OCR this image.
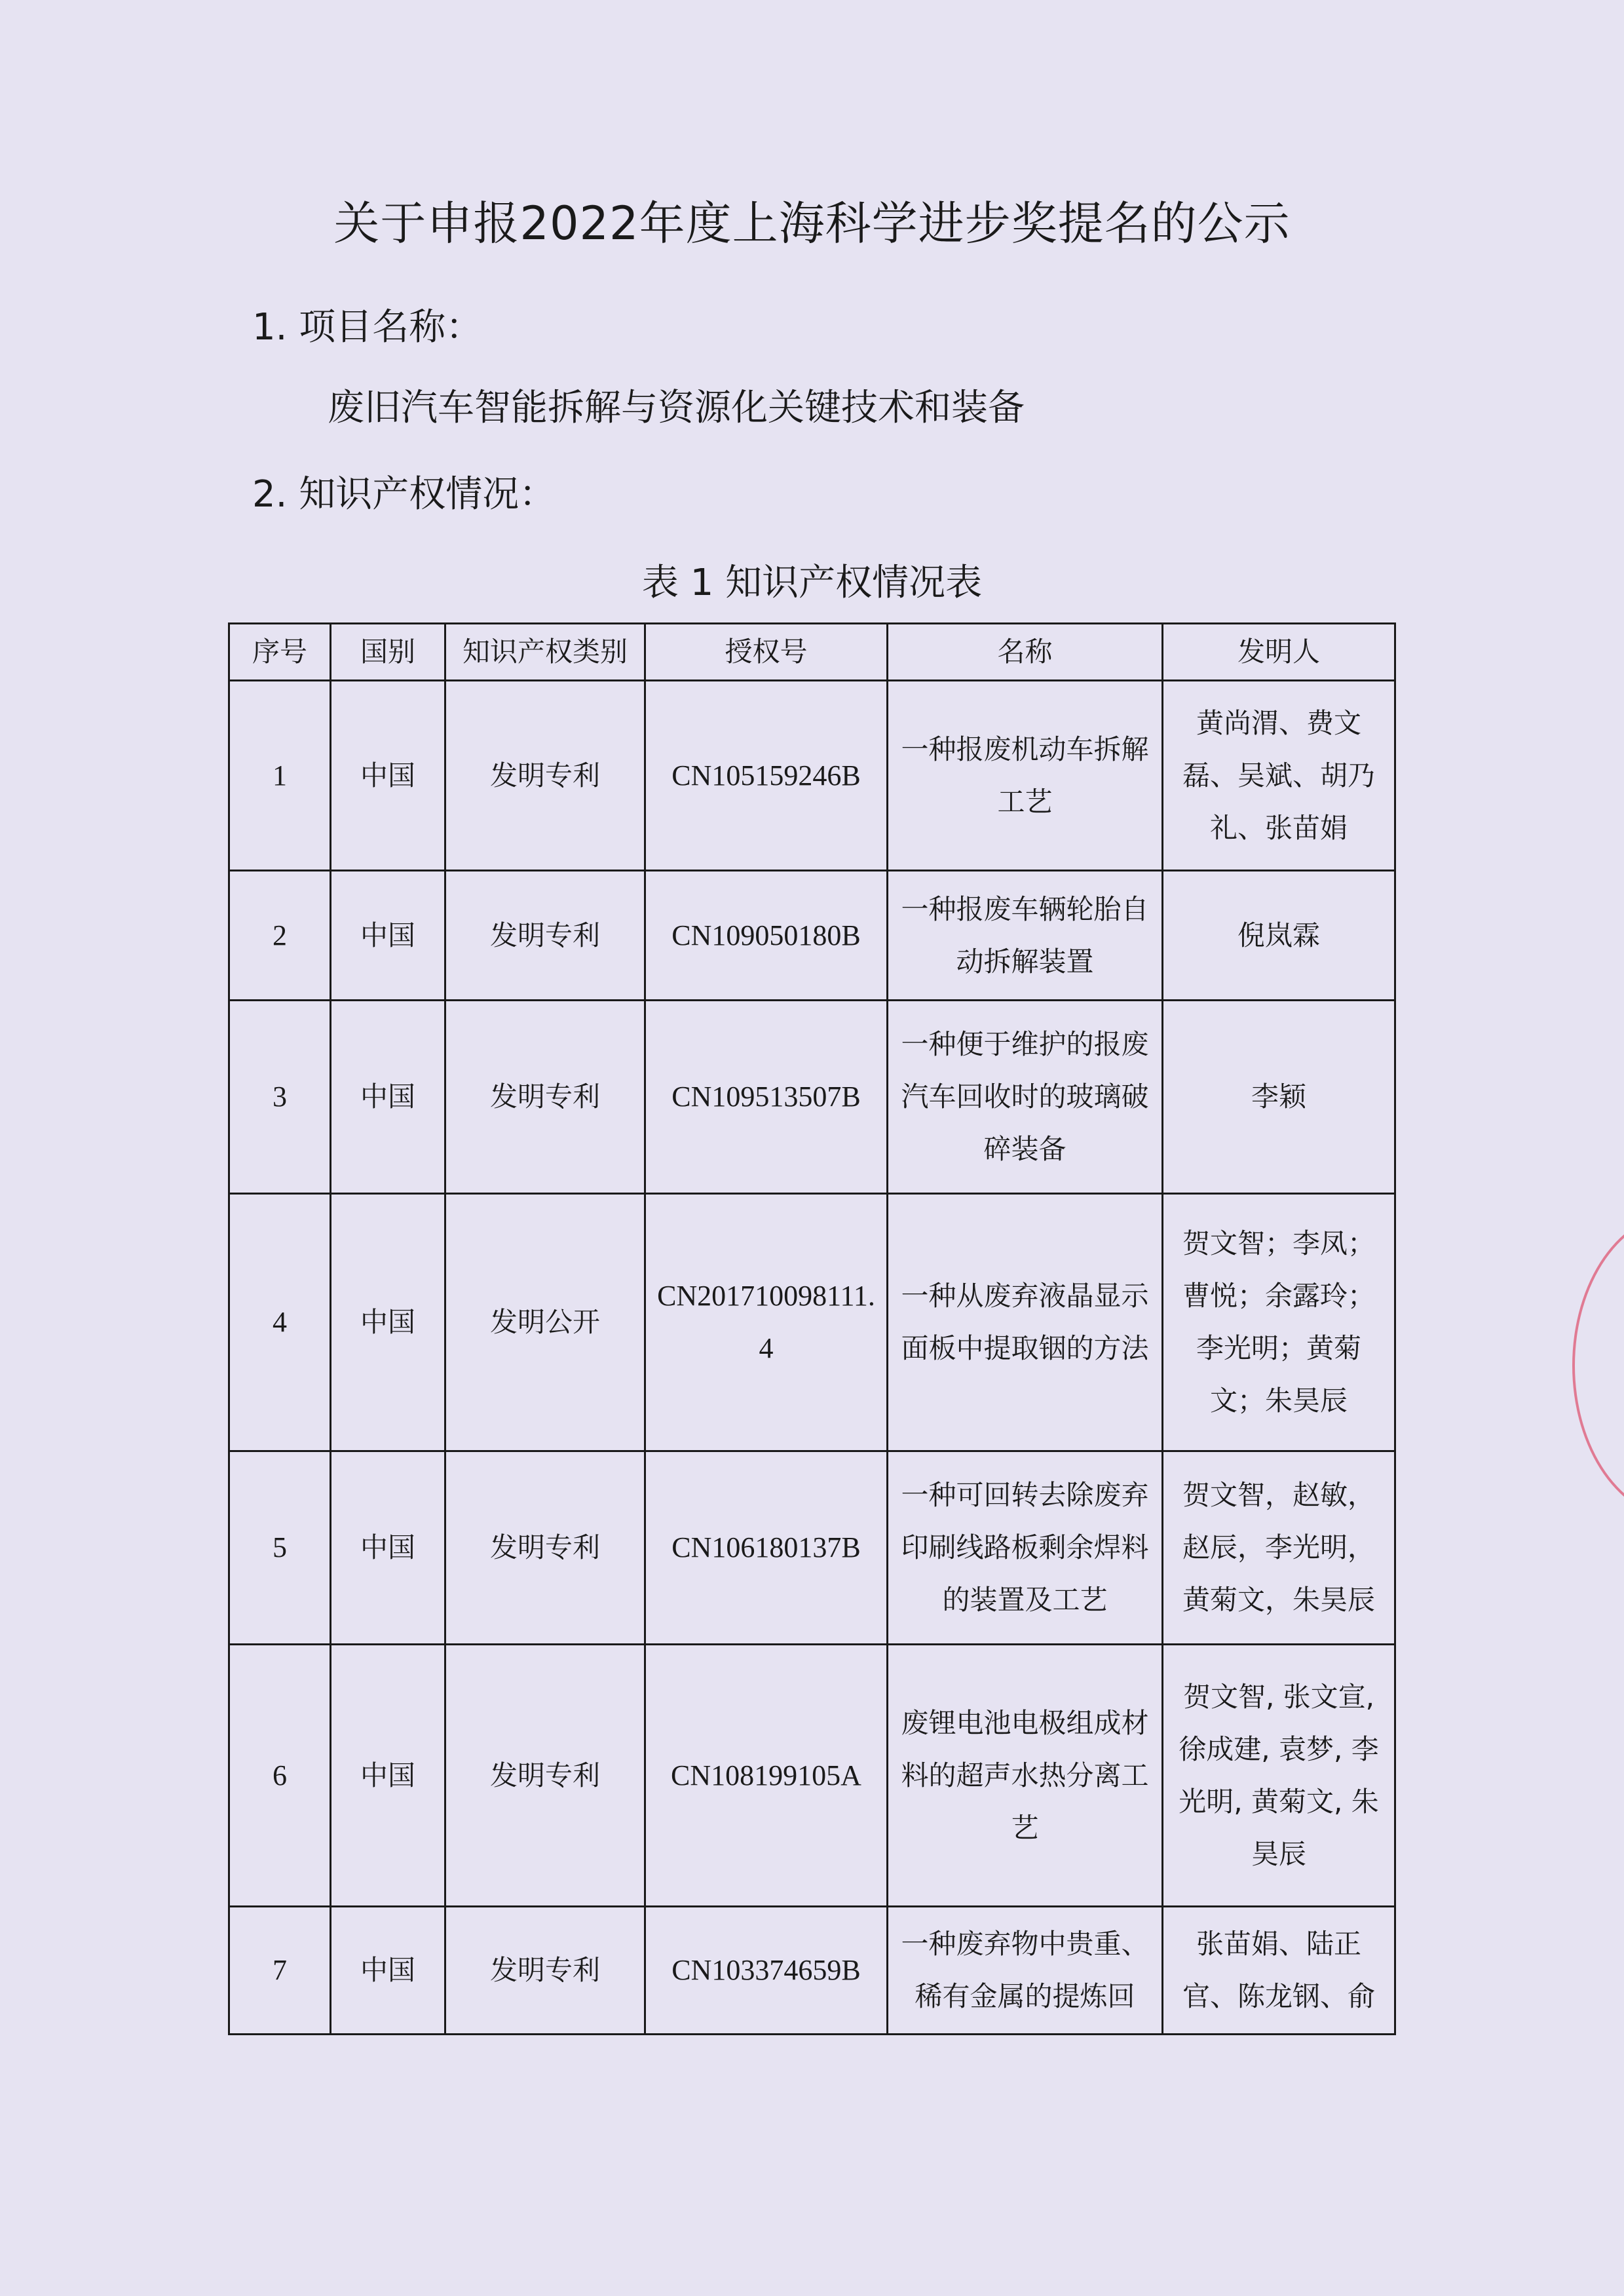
关于申报2022年度上海科学进步奖提名的公示
1. 项目名称：
废旧汽车智能拆解与资源化关键技术和装备
2. 知识产权情况：
表 1 知识产权情况表
序号	国别	知识产权类别	授权号	名称	发明人
1	中国	发明专利	CN105159246B	一种报废机动车拆解工艺	黄尚渭、费文磊、吴斌、胡乃礼、张苗娟
2	中国	发明专利	CN109050180B	一种报废车辆轮胎自动拆解装置	倪岚霖
3	中国	发明专利	CN109513507B	一种便于维护的报废汽车回收时的玻璃破碎装备	李颖
4	中国	发明公开	CN201710098111.4	一种从废弃液晶显示面板中提取铟的方法	贺文智；李凤；曹悦；余露玲；李光明；黄菊文；朱昊辰
5	中国	发明专利	CN106180137B	一种可回转去除废弃印刷线路板剩余焊料的装置及工艺	贺文智，赵敏，赵辰，李光明，黄菊文，朱昊辰
6	中国	发明专利	CN108199105A	废锂电池电极组成材料的超声水热分离工艺	贺文智, 张文宣, 徐成建, 袁梦, 李光明, 黄菊文, 朱昊辰
7	中国	发明专利	CN103374659B	一种废弃物中贵重、稀有金属的提炼回	张苗娟、陆正官、陈龙钢、俞
